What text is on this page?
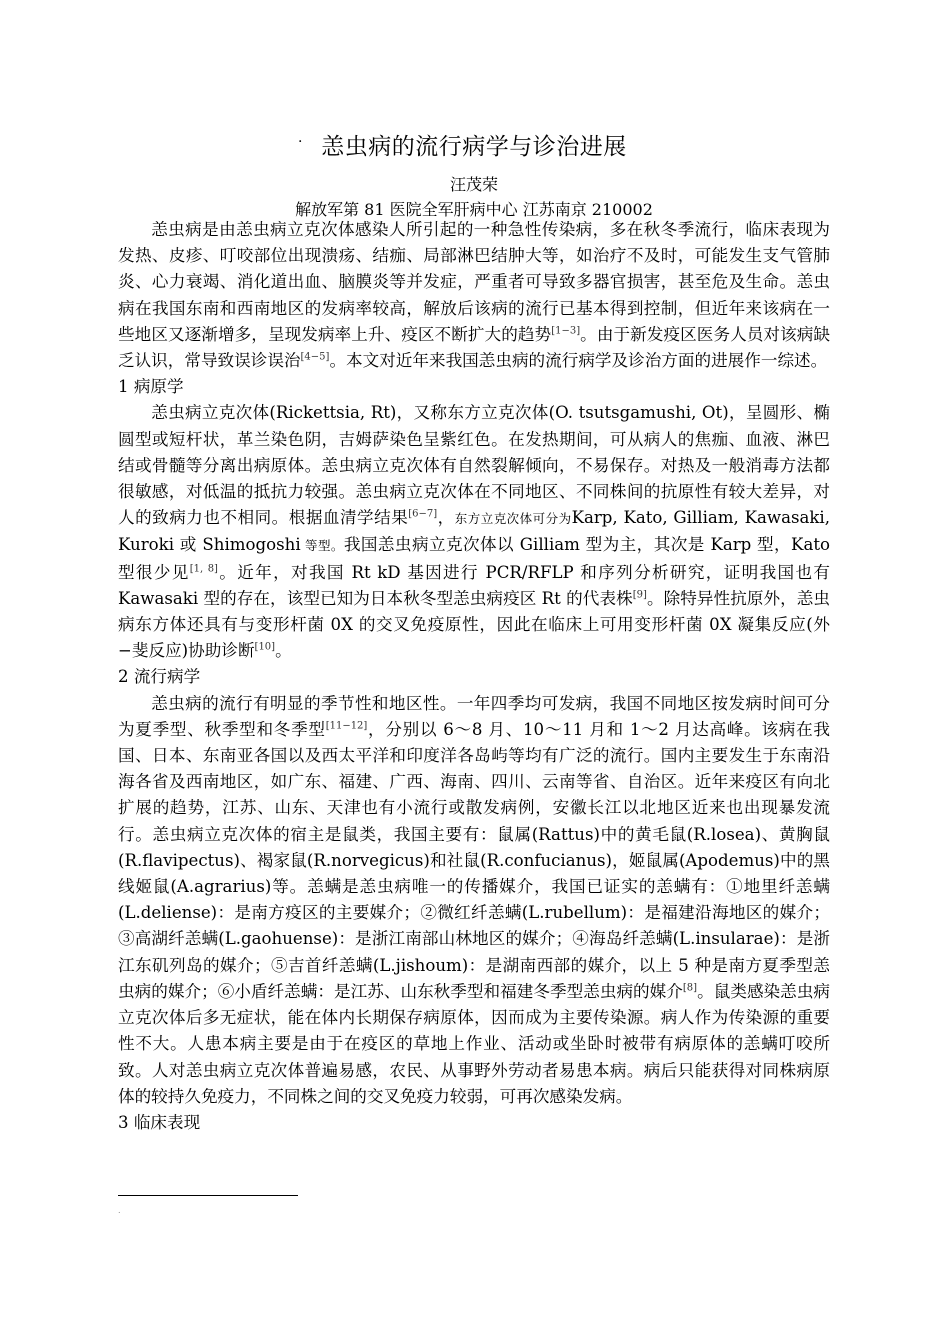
· 恙虫病的流行病学与诊治进展
汪茂荣
解放军第 81 医院全军肝病中心 江苏南京 210002

恙虫病是由恙虫病立克次体感染人所引起的一种急性传染病，多在秋冬季流行，临床表现为发热、皮疹、叮咬部位出现溃疡、结痂、局部淋巴结肿大等，如治疗不及时，可能发生支气管肺炎、心力衰竭、消化道出血、脑膜炎等并发症，严重者可导致多器官损害，甚至危及生命。恙虫病在我国东南和西南地区的发病率较高，解放后该病的流行已基本得到控制，但近年来该病在一些地区又逐渐增多，呈现发病率上升、疫区不断扩大的趋势[1−3]。由于新发疫区医务人员对该病缺乏认识，常导致误诊误治[4−5]。本文对近年来我国恙虫病的流行病学及诊治方面的进展作一综述。

1 病原学

恙虫病立克次体(Rickettsia, Rt)，又称东方立克次体(O. tsutsgamushi, Ot)，呈圆形、椭圆型或短杆状，革兰染色阴，吉姆萨染色呈紫红色。在发热期间，可从病人的焦痂、血液、淋巴结或骨髓等分离出病原体。恙虫病立克次体有自然裂解倾向，不易保存。对热及一般消毒方法都很敏感，对低温的抵抗力较强。恙虫病立克次体在不同地区、不同株间的抗原性有较大差异，对人的致病力也不相同。根据血清学结果[6−7]，东方立克次体可分为Karp, Kato, Gilliam, Kawasaki, Kuroki 或 Shimogoshi 等型。我国恙虫病立克次体以 Gilliam 型为主，其次是 Karp 型，Kato 型很少见[1, 8]。近年，对我国 Rt kD 基因进行 PCR/RFLP 和序列分析研究，证明我国也有 Kawasaki 型的存在，该型已知为日本秋冬型恙虫病疫区 Rt 的代表株[9]。除特异性抗原外，恙虫病东方体还具有与变形杆菌 0X 的交叉免疫原性，因此在临床上可用变形杆菌 0X 凝集反应(外−斐反应)协助诊断[10]。

2 流行病学

恙虫病的流行有明显的季节性和地区性。一年四季均可发病，我国不同地区按发病时间可分为夏季型、秋季型和冬季型[11−12]，分别以 6～8 月、10～11 月和 1～2 月达高峰。该病在我国、日本、东南亚各国以及西太平洋和印度洋各岛屿等均有广泛的流行。国内主要发生于东南沿海各省及西南地区，如广东、福建、广西、海南、四川、云南等省、自治区。近年来疫区有向北扩展的趋势，江苏、山东、天津也有小流行或散发病例，安徽长江以北地区近来也出现暴发流行。恙虫病立克次体的宿主是鼠类，我国主要有：鼠属(Rattus)中的黄毛鼠(R.losea)、黄胸鼠(R.flavipectus)、褐家鼠(R.norvegicus)和社鼠(R.confucianus)，姬鼠属(Apodemus)中的黑线姬鼠(A.agrarius)等。恙螨是恙虫病唯一的传播媒介，我国已证实的恙螨有：①地里纤恙螨(L.deliense)：是南方疫区的主要媒介；②微红纤恙螨(L.rubellum)：是福建沿海地区的媒介；③高湖纤恙螨(L.gaohuense)：是浙江南部山林地区的媒介；④海岛纤恙螨(L.insularae)：是浙江东矶列岛的媒介；⑤吉首纤恙螨(L.jishoum)：是湖南西部的媒介，以上 5 种是南方夏季型恙虫病的媒介；⑥小盾纤恙螨：是江苏、山东秋季型和福建冬季型恙虫病的媒介[8]。鼠类感染恙虫病立克次体后多无症状，能在体内长期保存病原体，因而成为主要传染源。病人作为传染源的重要性不大。人患本病主要是由于在疫区的草地上作业、活动或坐卧时被带有病原体的恙螨叮咬所致。人对恙虫病立克次体普遍易感，农民、从事野外劳动者易患本病。病后只能获得对同株病原体的较持久免疫力，不同株之间的交叉免疫力较弱，可再次感染发病。

3 临床表现
.
